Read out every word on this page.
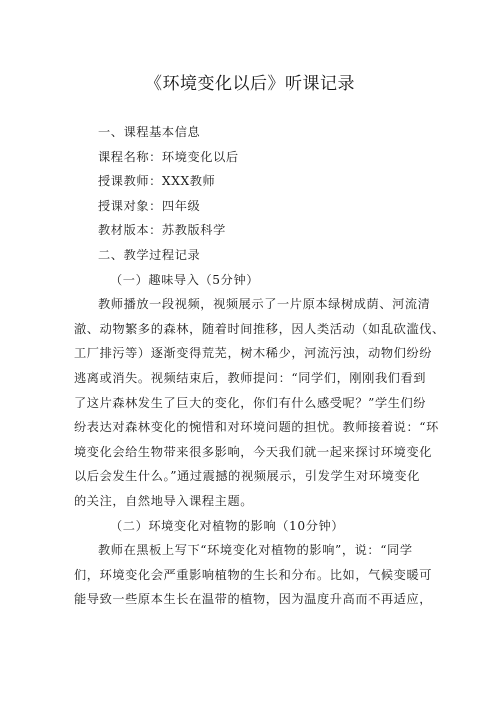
《环境变化以后》听课记录
一、课程基本信息
课程名称：环境变化以后
授课教师：XXX教师
授课对象：四年级
教材版本：苏教版科学
二、教学过程记录
（一）趣味导入（5分钟）
教师播放一段视频，视频展示了一片原本绿树成荫、河流清
澈、动物繁多的森林，随着时间推移，因人类活动（如乱砍滥伐、
工厂排污等）逐渐变得荒芜，树木稀少，河流污浊，动物们纷纷
逃离或消失。视频结束后，教师提问：“同学们，刚刚我们看到
了这片森林发生了巨大的变化，你们有什么感受呢？”学生们纷
纷表达对森林变化的惋惜和对环境问题的担忧。教师接着说：“环
境变化会给生物带来很多影响，今天我们就一起来探讨环境变化
以后会发生什么。”通过震撼的视频展示，引发学生对环境变化
的关注，自然地导入课程主题。
（二）环境变化对植物的影响（10分钟）
教师在黑板上写下“环境变化对植物的影响”，说：“同学
们，环境变化会严重影响植物的生长和分布。比如，气候变暖可
能导致一些原本生长在温带的植物，因为温度升高而不再适应，
